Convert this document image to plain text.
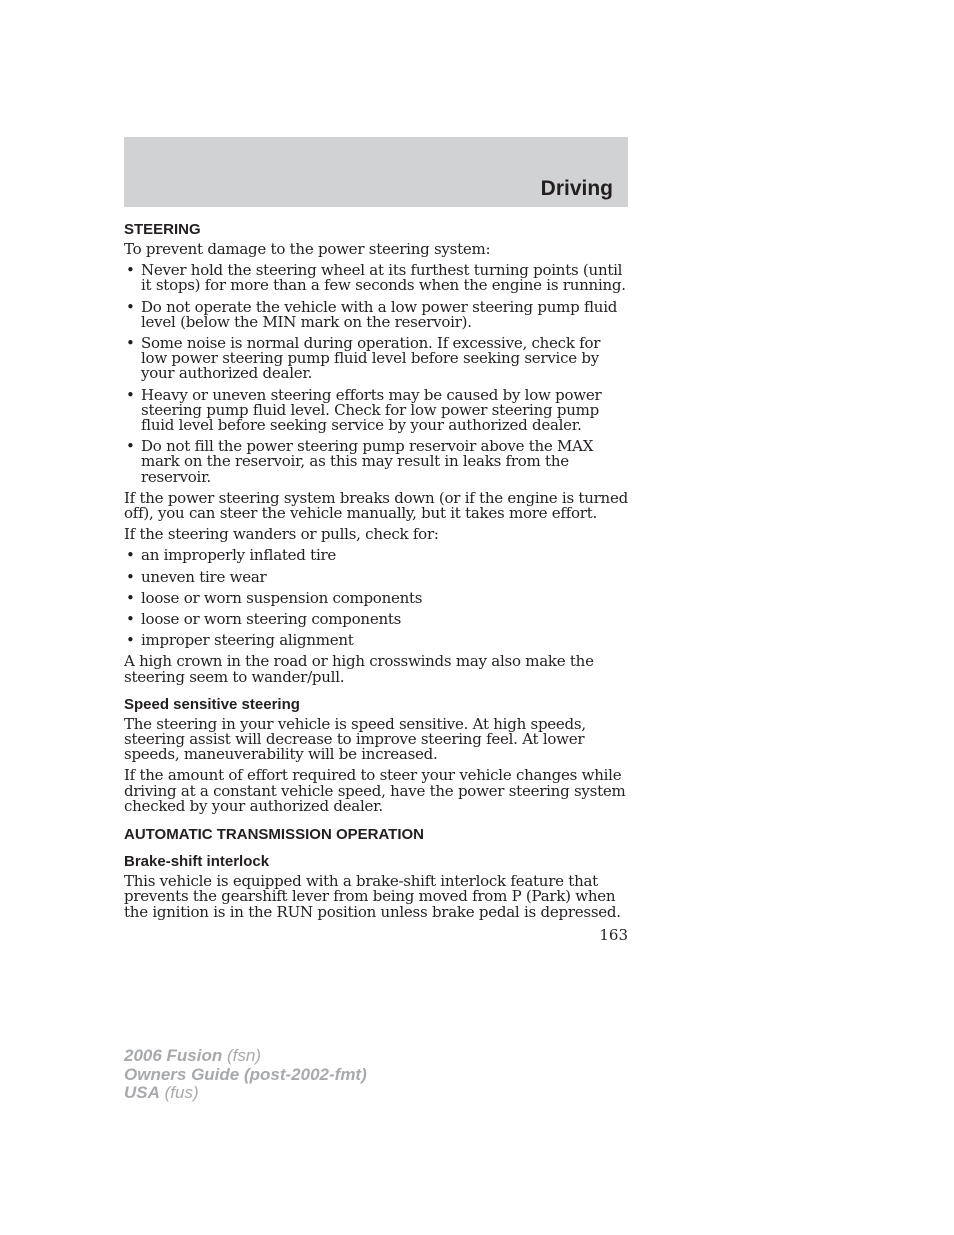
Driving
STEERING

To prevent damage to the power steering system:

• Never hold the steering wheel at its furthest turning points (until it stops) for more than a few seconds when the engine is running.
• Do not operate the vehicle with a low power steering pump fluid level (below the MIN mark on the reservoir).
• Some noise is normal during operation. If excessive, check for low power steering pump fluid level before seeking service by your authorized dealer.
• Heavy or uneven steering efforts may be caused by low power steering pump fluid level. Check for low power steering pump fluid level before seeking service by your authorized dealer.
• Do not fill the power steering pump reservoir above the MAX mark on the reservoir, as this may result in leaks from the reservoir.

If the power steering system breaks down (or if the engine is turned off), you can steer the vehicle manually, but it takes more effort.

If the steering wanders or pulls, check for:

• an improperly inflated tire
• uneven tire wear
• loose or worn suspension components
• loose or worn steering components
• improper steering alignment

A high crown in the road or high crosswinds may also make the steering seem to wander/pull.

Speed sensitive steering

The steering in your vehicle is speed sensitive. At high speeds, steering assist will decrease to improve steering feel. At lower speeds, maneuverability will be increased.

If the amount of effort required to steer your vehicle changes while driving at a constant vehicle speed, have the power steering system checked by your authorized dealer.

AUTOMATIC TRANSMISSION OPERATION
Brake-shift interlock

This vehicle is equipped with a brake-shift interlock feature that prevents the gearshift lever from being moved from P (Park) when the ignition is in the RUN position unless brake pedal is depressed.

163
2006 Fusion (fsn)
Owners Guide (post-2002-fmt)
USA (fus)
